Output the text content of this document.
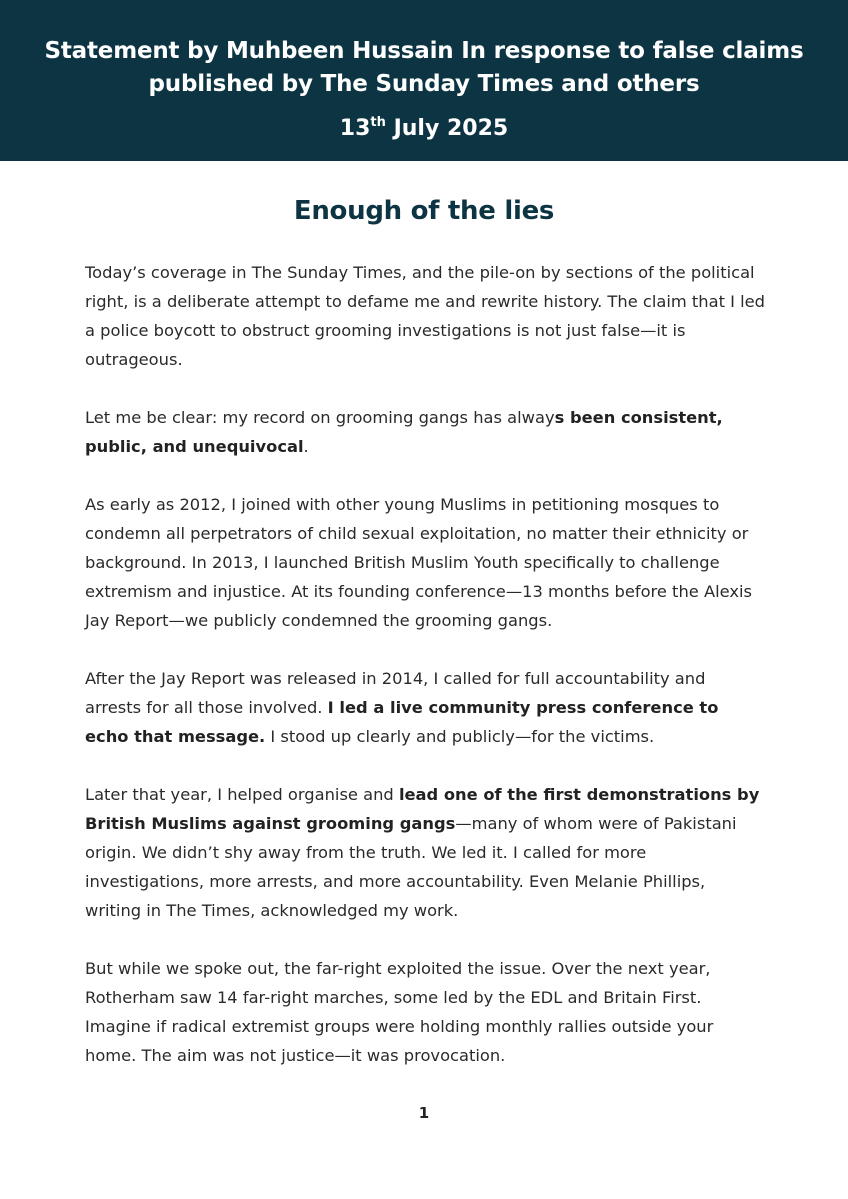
Statement by Muhbeen Hussain In response to false claims
published by The Sunday Times and others
13th July 2025
Enough of the lies

Today’s coverage in The Sunday Times, and the pile-on by sections of the political right, is a deliberate attempt to defame me and rewrite history. The claim that I led a police boycott to obstruct grooming investigations is not just false—it is outrageous.

Let me be clear: my record on grooming gangs has always been consistent, public, and unequivocal.

As early as 2012, I joined with other young Muslims in petitioning mosques to condemn all perpetrators of child sexual exploitation, no matter their ethnicity or background. In 2013, I launched British Muslim Youth specifically to challenge extremism and injustice. At its founding conference—13 months before the Alexis Jay Report—we publicly condemned the grooming gangs.

After the Jay Report was released in 2014, I called for full accountability and arrests for all those involved. I led a live community press conference to echo that message. I stood up clearly and publicly—for the victims.

Later that year, I helped organise and lead one of the first demonstrations by British Muslims against grooming gangs—many of whom were of Pakistani origin. We didn’t shy away from the truth. We led it. I called for more investigations, more arrests, and more accountability. Even Melanie Phillips, writing in The Times, acknowledged my work.

But while we spoke out, the far-right exploited the issue. Over the next year, Rotherham saw 14 far-right marches, some led by the EDL and Britain First. Imagine if radical extremist groups were holding monthly rallies outside your home. The aim was not justice—it was provocation.

1
